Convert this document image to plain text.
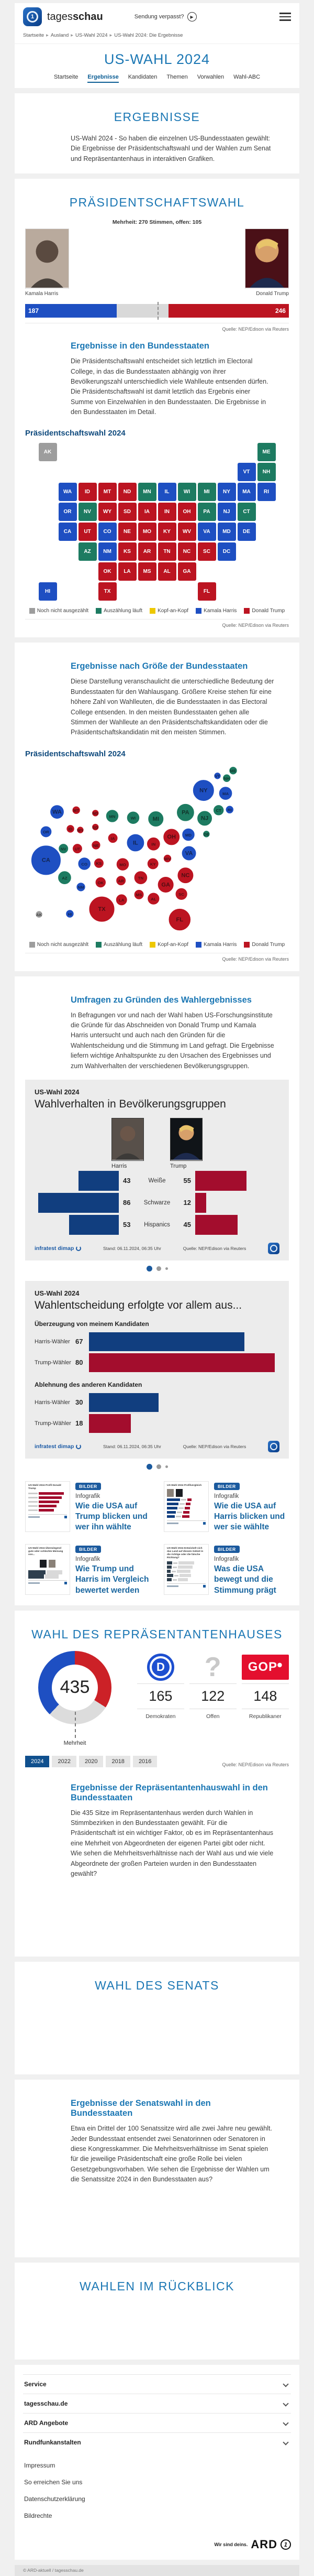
1
tagesschau	Sendung verpasst?	▶
Startseite ▸ Ausland ▸ US-Wahl 2024 ▸ US-Wahl 2024: Die Ergebnisse
US-WAHL 2024
Startseite Ergebnisse Kandidaten Themen Vorwahlen Wahl-ABC
ERGEBNISSE
US-Wahl 2024 - So haben die einzelnen US-Bundesstaaten gewählt: Die Ergebnisse der Präsidentschaftswahl und der Wahlen zum Senat und Repräsentantenhaus in interaktiven Grafiken.
PRÄSIDENTSCHAFTSWAHL
Mehrheit: 270 Stimmen, offen: 105
Kamala Harris	Donald Trump
187	246
Quelle: NEP/Edison via Reuters
Ergebnisse in den Bundesstaaten
Die Präsidentschaftswahl entscheidet sich letztlich im Electoral College, in das die Bundesstaaten abhängig von ihrer Bevölkerungszahl unterschiedlich viele Wahlleute entsenden dürfen. Die Präsidentschaftswahl ist damit letztlich das Ergebnis einer Summe von Einzelwahlen in den Bundesstaaten. Die Ergebnisse in den Bundesstaaten im Detail.
Präsidentschaftswahl 2024
AK	ME
VT	NH
WA	ID	MT	ND	MN	IL	WI	MI	NY	MA	RI
OR	NV	WY	SD	IA	IN	OH	PA	NJ	CT
CA	UT	CO	NE	MO	KY	WV	VA	MD	DE
AZ	NM	KS	AR	TN	NC	SC	DC
OK	LA	MS	AL	GA
HI	TX	FL
Noch nicht ausgezählt	Auszählung läuft	Kopf-an-Kopf	Kamala Harris	Donald Trump
Quelle: NEP/Edison via Reuters
Ergebnisse nach Größe der Bundesstaaten
Diese Darstellung veranschaulicht die unterschiedliche Bedeutung der Bundesstaaten für den Wahlausgang. Größere Kreise stehen für eine höhere Zahl von Wahlleuten, die die Bundesstaaten in das Electoral College entsenden. In den meisten Bundesstaaten gehen alle Stimmen der Wahlleute an den Präsidentschaftskandidaten oder die Präsidentschaftskandidatin mit den meisten Stimmen.
Präsidentschaftswahl 2024
AK	HI
WA
OR
CA
NV
ID
MT
WY
UT
AZ
NM
CO
ND
SD
NE
KS
OK
TX
MN
IA
MO
AR
LA
WI
IL
MS
TN
MI
IN
KY
AL
GA
OH
WV
FL
SC
NC
VA
PA
MD
NY
NJ
DE
VT
CT
MA
NH
RI
ME
Noch nicht ausgezählt	Auszählung läuft	Kopf-an-Kopf	Kamala Harris	Donald Trump
Quelle: NEP/Edison via Reuters
Umfragen zu Gründen des Wahlergebnisses
In Befragungen vor und nach der Wahl haben US-Forschungsinstitute die Gründe für das Abschneiden von Donald Trump und Kamala Harris untersucht und auch nach den Gründen für die Wahlentscheidung und die Stimmung im Land gefragt. Die Ergebnisse liefern wichtige Anhaltspunkte zu den Ursachen des Ergebnisses und zum Wahlverhalten der verschiedenen Bevölkerungsgruppen.
US-Wahl 2024
Wahlverhalten in Bevölkerungsgruppen
Harris	Trump
43	Weiße	55
86	Schwarze	12
53	Hispanics	45
infratest dimap	Stand: 06.11.2024, 06:35 Uhr	Quelle: NEP/Edison via Reuters
US-Wahl 2024
Wahlentscheidung erfolgte vor allem aus...
Überzeugung von meinem Kandidaten
Harris-Wähler 67
Trump-Wähler 80
Ablehnung des anderen Kandidaten
Harris-Wähler 30
Trump-Wähler 18
infratest dimap	Stand: 06.11.2024, 06:35 Uhr	Quelle: NEP/Edison via Reuters
US-Wahl 2024 Profil Donald Trump	BILDER
Infografik
Wie die USA auf Trump blicken und wer ihn wählte
US-Wahl 2024 Profilvergleich	BILDER
Infografik
Wie die USA auf Harris blicken und wer sie wählte
US-Wahl 2024 Überwiegend gute oder schlechte Meinung von...
BILDER
Infografik
Wie Trump und Harris im Vergleich bewertet werden
US-Wahl 2024 Entwickelt sich das Land auf diesem Gebiet in die richtige oder die falsche Richtung?
BILDER
Infografik
Was die USA bewegt und die Stimmung prägt
WAHL DES REPRÄSENTANTENHAUSES
435
Mehrheit
D
165
Demokraten
?
122
Offen
GOP⬤
148
Republikaner
2024	2022	2020	2018	2016	Quelle: NEP/Edison via Reuters
Ergebnisse der Repräsentantenhauswahl in den Bundesstaaten
Die 435 Sitze im Repräsentantenhaus werden durch Wahlen in Stimmbezirken in den Bundesstaaten gewählt. Für die Präsidentschaft ist ein wichtiger Faktor, ob es im Repräsentantenhaus eine Mehrheit von Abgeordneten der eigenen Partei gibt oder nicht. Wie sehen die Mehrheitsverhältnisse nach der Wahl aus und wie viele Abgeordnete der großen Parteien wurden in den Bundesstaaten gewählt?
WAHL DES SENATS
Ergebnisse der Senatswahl in den Bundesstaaten
Etwa ein Drittel der 100 Senatssitze wird alle zwei Jahre neu gewählt. Jeder Bundesstaat entsendet zwei Senatorinnen oder Senatoren in diese Kongresskammer. Die Mehrheitsverhältnisse im Senat spielen für die jeweilige Präsidentschaft eine große Rolle bei vielen Gesetzgebungsvorhaben. Wie sehen die Ergebnisse der Wahlen um die Senatssitze 2024 in den Bundesstaaten aus?
WAHLEN IM RÜCKBLICK
Service
tagesschau.de
ARD Angebote
Rundfunkanstalten
Impressum
So erreichen Sie uns
Datenschutzerklärung
Bildrechte
Wir sind deins. ARD 1
© ARD-aktuell / tagesschau.de
